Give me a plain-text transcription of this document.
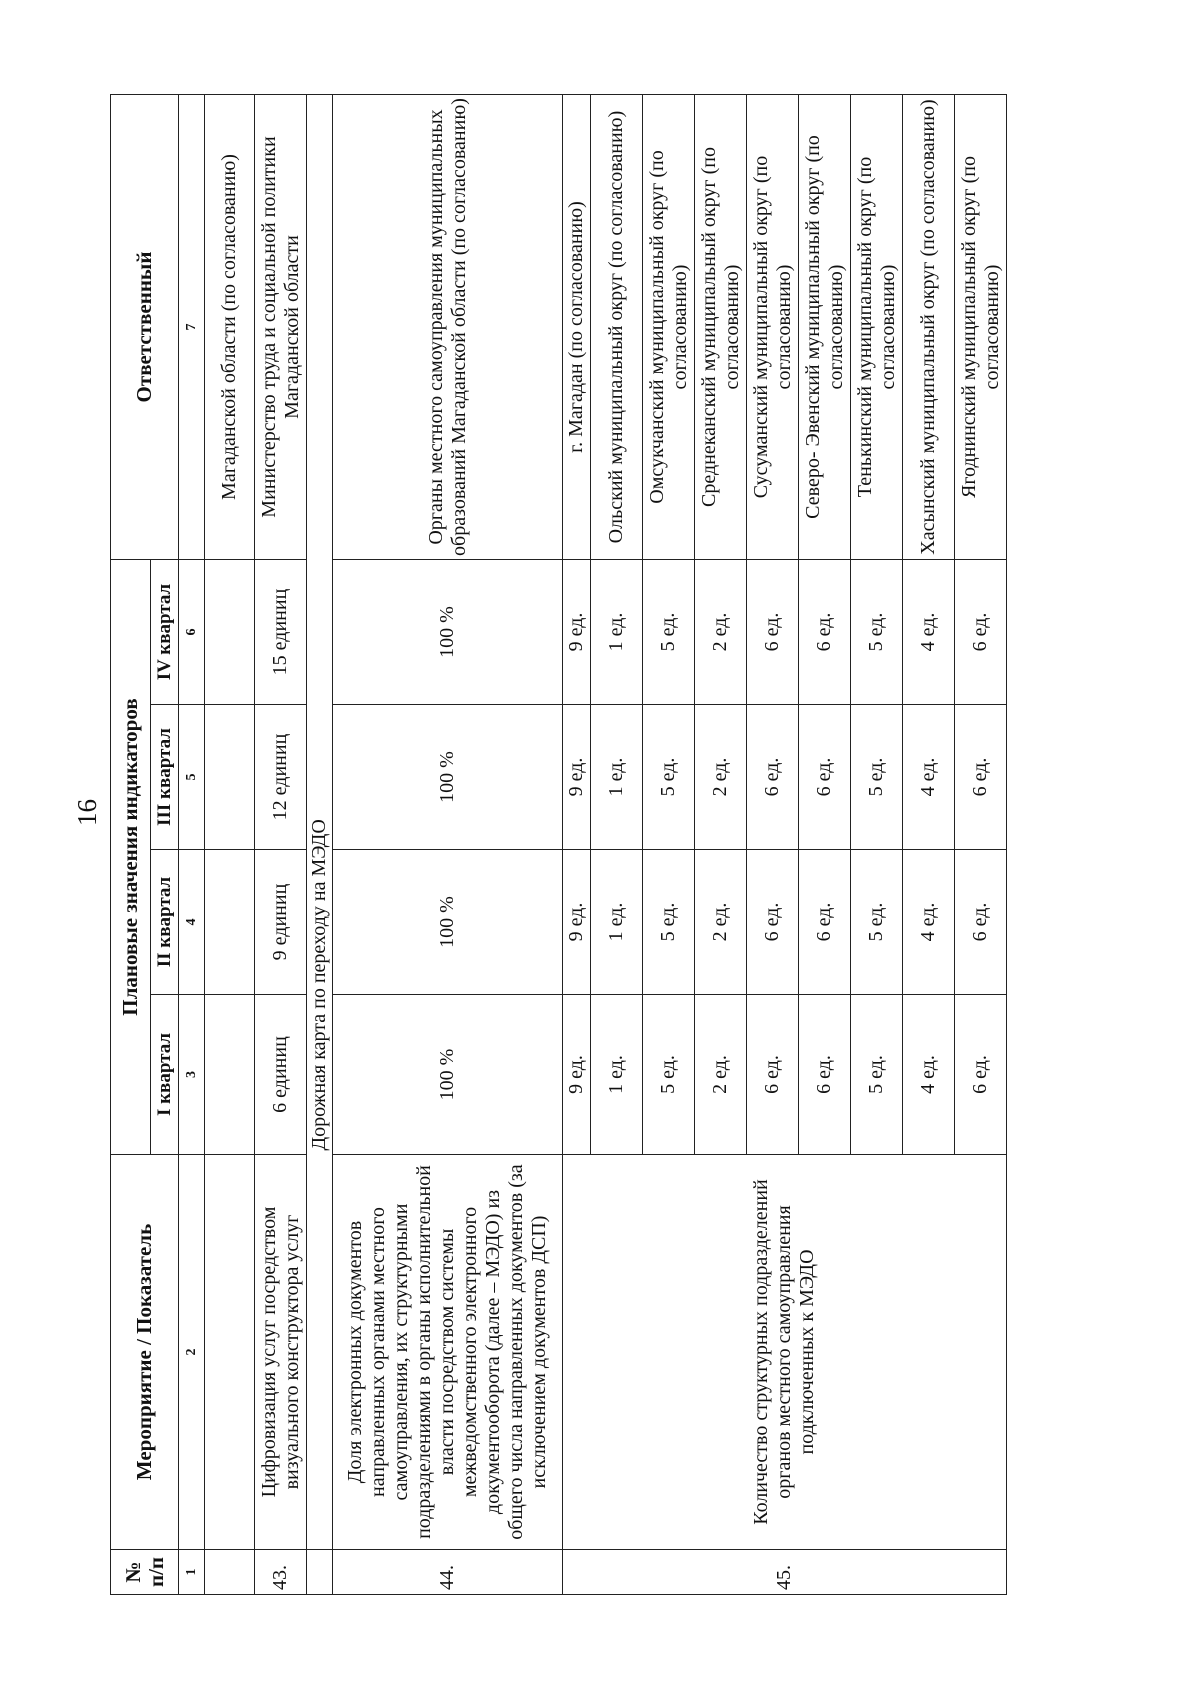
16
№ п/п	Мероприятие / Показатель	Плановые значения индикаторов				Ответственный
		I квартал	II квартал	III квартал	IV квартал	
1	2	3	4	5	6	7
						Магаданской области (по согласованию)
43.	Цифровизация услуг посредством визуального конструктора услуг	6 единиц	9 единиц	12 единиц	15 единиц	Министерство труда и социальной политики Магаданской области
		Дорожная карта по переходу на МЭДО				
44.	Доля электронных документов направленных органами местного самоуправления, их структурными подразделениями в органы исполнительной власти посредством системы межведомственного электронного документооборота (далее – МЭДО) из общего числа направленных документов (за исключением документов ДСП)	100 %	100 %	100 %	100 %	Органы местного самоуправления муниципальных образований Магаданской области (по согласованию)
45.	Количество структурных подразделений органов местного самоуправления подключенных к МЭДО	9 ед.	9 ед.	9 ед.	9 ед.	г. Магадан (по согласованию)
		1 ед.	1 ед.	1 ед.	1 ед.	Ольский муниципальный округ (по согласованию)
		5 ед.	5 ед.	5 ед.	5 ед.	Омсукчанский муниципальный округ (по согласованию)
		2 ед.	2 ед.	2 ед.	2 ед.	Среднеканский муниципальный округ (по согласованию)
		6 ед.	6 ед.	6 ед.	6 ед.	Сусуманский муниципальный округ (по согласованию)
		6 ед.	6 ед.	6 ед.	6 ед.	Северо- Эвенский муниципальный округ (по согласованию)
		5 ед.	5 ед.	5 ед.	5 ед.	Тенькинский муниципальный округ (по согласованию)
		4 ед.	4 ед.	4 ед.	4 ед.	Хасынский муниципальный округ (по согласованию)
		6 ед.	6 ед.	6 ед.	6 ед.	Ягоднинский муниципальный округ (по согласованию)
